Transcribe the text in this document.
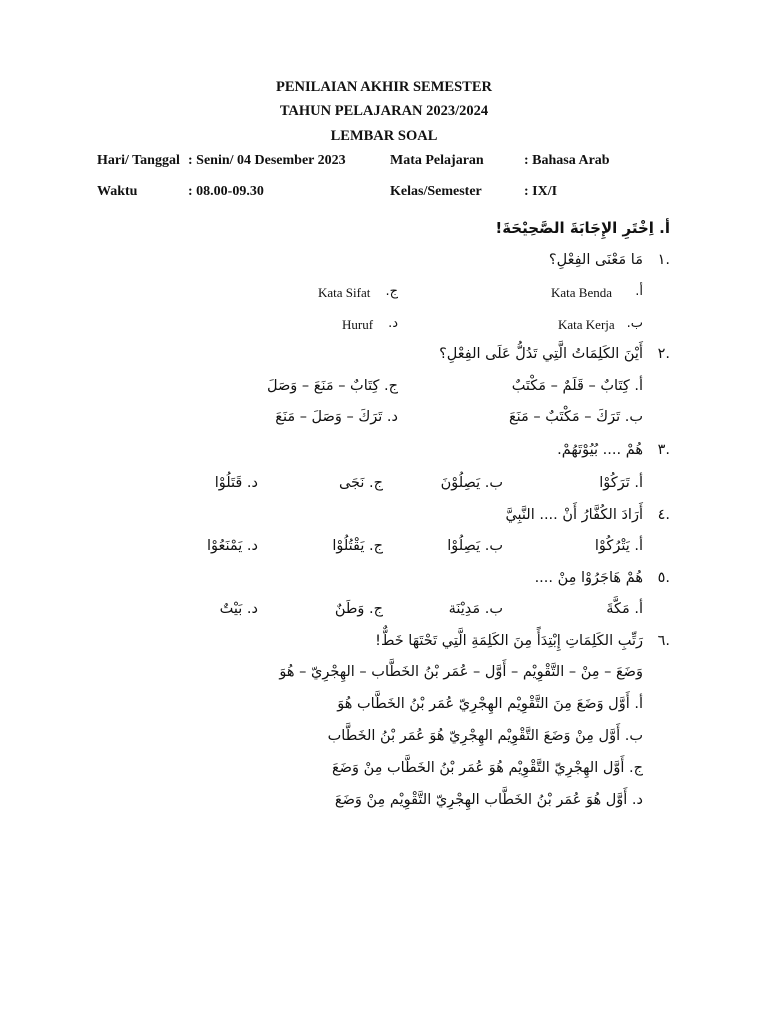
PENILAIAN AKHIR SEMESTER
TAHUN PELAJARAN 2023/2024
LEMBAR SOAL
Hari/ Tanggal : Senin/ 04 Desember 2023	Mata Pelajaran	: Bahasa Arab
Waktu	: 08.00-09.30	Kelas/Semester	: IX/I
أ. اِخْتَرِ الإِجَابَةَ الصَّحِيْحَةَ!
١.
مَا مَعْنَى الفِعْلِ؟
أ.
Kata Benda
ج.
Kata Sifat
ب.
Kata Kerja
د.
Huruf
٢.
أَيْنَ الكَلِمَاتُ الَّتِي تَدُلُّ عَلَى الفِعْلِ؟
أ. كِتَابٌ – قَلَمٌ – مَكْتَبٌ
ج. كِتَابٌ – مَنَعَ – وَصَلَ
ب. تَرَكَ – مَكْتَبٌ – مَنَعَ
د. تَرَكَ – وَصَلَ – مَنَعَ
٣.
هُمْ .... بُيُوْتَهُمْ.
أ. تَرَكُوْا
ب. يَصِلُوْنَ
ج. نَجَى
د. قَتَلُوْا
٤.
أَرَادَ الكُفَّارُ أَنْ .... النَّبِيَّ
أ. يَتْرُكُوْا
ب. يَصِلُوْا
ج. يَقْتُلُوْا
د. يَمْنَعُوْا
٥.
هُمْ هَاجَرُوْا مِنْ ....
أ. مَكَّةَ
ب. مَدِيْنَة
ج. وَطَنٌ
د. بَيْتٌ
٦.
رَتِّبِ الكَلِمَاتِ إِبْتِدَأً مِنَ الكَلِمَةِ الَّتِي تَحْتَهَا خَطٌّ!
وَضَعَ – مِنْ – التَّقْوِيْم – أَوَّل – عُمَر بْنُ الخَطَّاب – الهِجْرِيّ – هُوَ
أ. أَوَّل وَضَعَ مِنَ التَّقْوِيْم الهِجْرِيّ عُمَر بْنُ الخَطَّاب هُوَ
ب. أَوَّل مِنْ وَضَعَ التَّقْوِيْم الهِجْرِيّ هُوَ عُمَر بْنُ الخَطَّاب
ج. أَوَّل الهِجْرِيّ التَّقْوِيْم هُوَ عُمَر بْنُ الخَطَّاب مِنْ وَضَعَ
د. أَوَّل هُوَ عُمَر بْنُ الخَطَّاب الهِجْرِيّ التَّقْوِيْم مِنْ وَضَعَ
